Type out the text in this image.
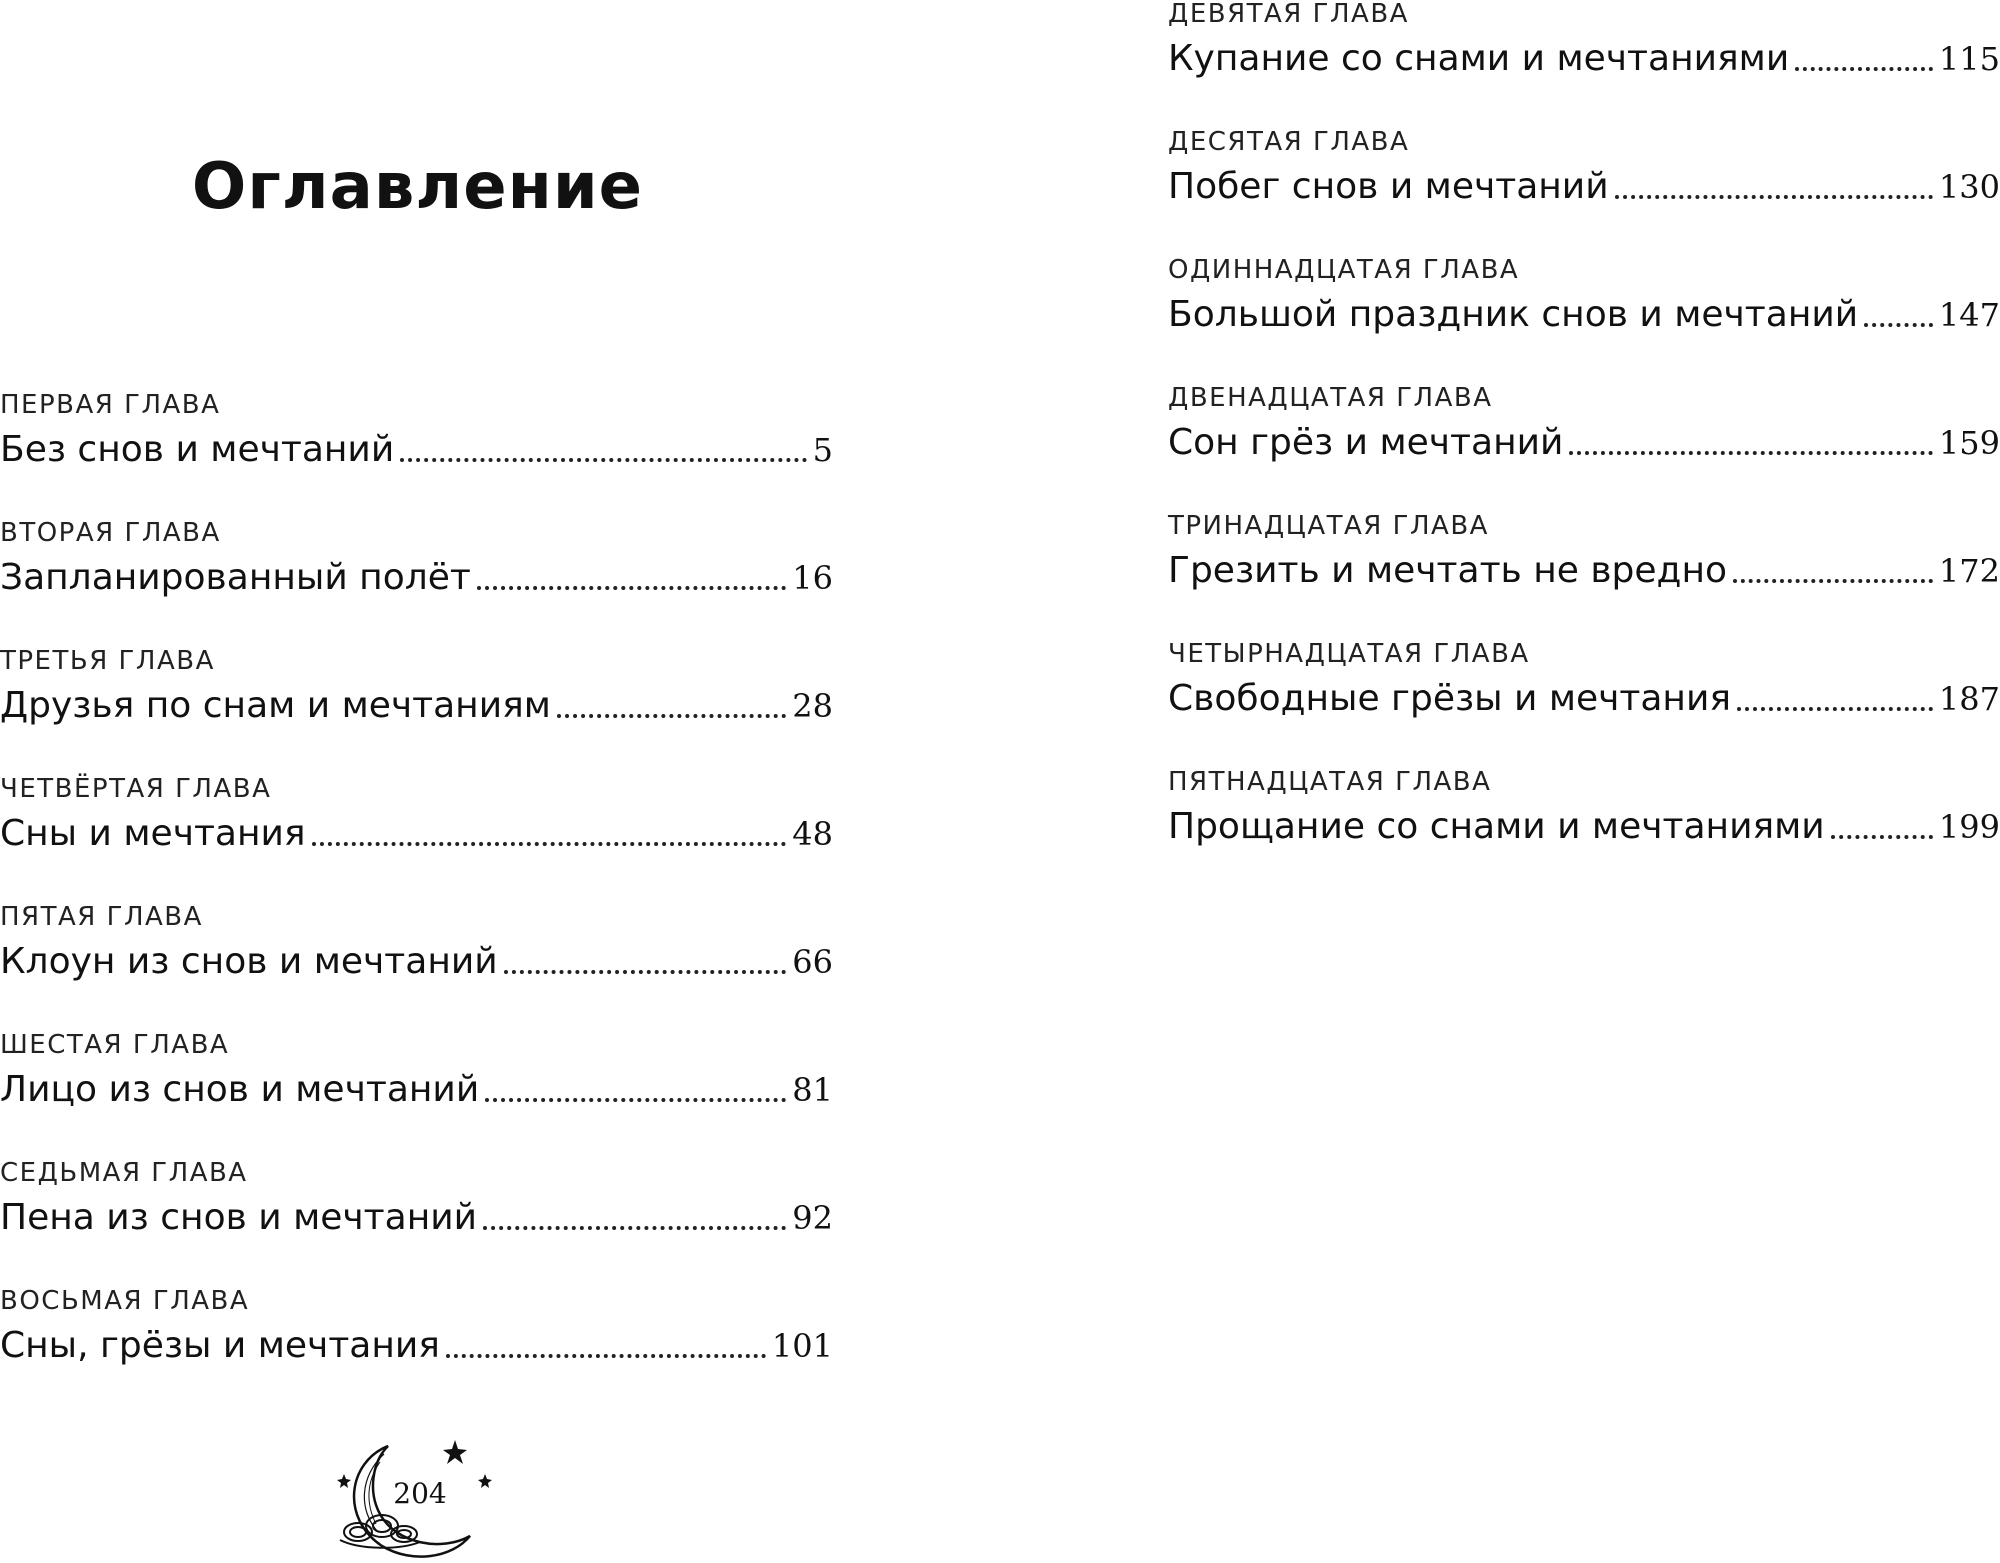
Оглавление
ПЕРВАЯ ГЛАВА
Без снов и мечтаний	5
ВТОРАЯ ГЛАВА
Запланированный полёт	16
ТРЕТЬЯ ГЛАВА
Друзья по снам и мечтаниям	28
ЧЕТВЁРТАЯ ГЛАВА
Сны и мечтания	48
ПЯТАЯ ГЛАВА
Клоун из снов и мечтаний	66
ШЕСТАЯ ГЛАВА
Лицо из снов и мечтаний	81
СЕДЬМАЯ ГЛАВА
Пена из снов и мечтаний	92
ВОСЬМАЯ ГЛАВА
Сны, грёзы и мечтания	101
ДЕВЯТАЯ ГЛАВА
Купание со снами и мечтаниями	115
ДЕСЯТАЯ ГЛАВА
Побег снов и мечтаний	130
ОДИННАДЦАТАЯ ГЛАВА
Большой праздник снов и мечтаний	147
ДВЕНАДЦАТАЯ ГЛАВА
Сон грёз и мечтаний	159
ТРИНАДЦАТАЯ ГЛАВА
Грезить и мечтать не вредно	172
ЧЕТЫРНАДЦАТАЯ ГЛАВА
Свободные грёзы и мечтания	187
ПЯТНАДЦАТАЯ ГЛАВА
Прощание со снами и мечтаниями	199
204
